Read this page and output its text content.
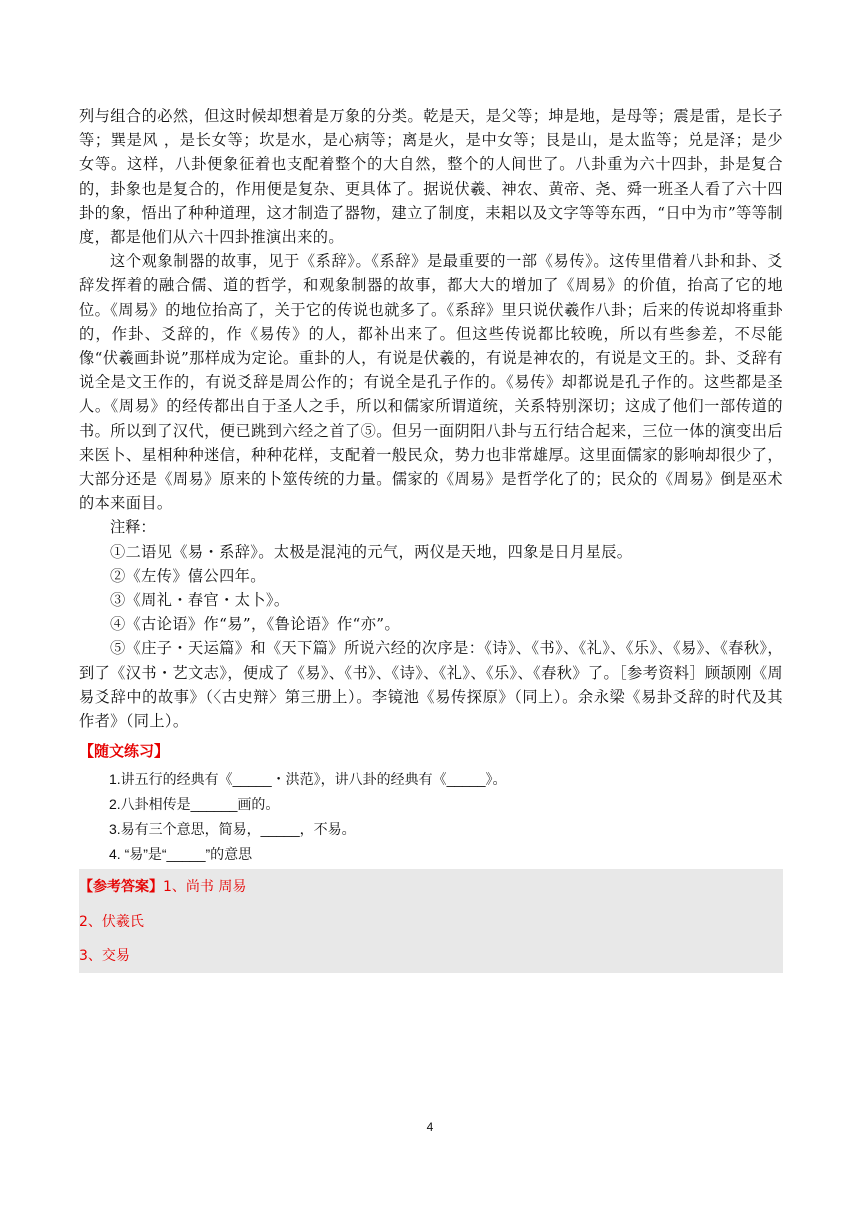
列与组合的必然，但这时候却想着是万象的分类。乾是天，是父等；坤是地，是母等；震是雷，是长子等；巽是风 ，是长女等；坎是水，是心病等；离是火，是中女等；艮是山，是太监等；兑是泽；是少女等。这样，八卦便象征着也支配着整个的大自然，整个的人间世了。八卦重为六十四卦，卦是复合的，卦象也是复合的，作用便是复杂、更具体了。据说伏羲、神农、黄帝、尧、舜一班圣人看了六十四卦的象，悟出了种种道理，这才制造了器物，建立了制度，耒耜以及文字等等东西，“日中为市”等等制度，都是他们从六十四卦推演出来的。

这个观象制器的故事，见于《系辞》。《系辞》是最重要的一部《易传》。这传里借着八卦和卦、爻辞发挥着的融合儒、道的哲学，和观象制器的故事，都大大的增加了《周易》的价值，抬高了它的地位。《周易》的地位抬高了，关于它的传说也就多了。《系辞》里只说伏羲作八卦；后来的传说却将重卦的，作卦、爻辞的，作《易传》的人，都补出来了。但这些传说都比较晚，所以有些参差，不尽能像“伏羲画卦说”那样成为定论。重卦的人，有说是伏羲的，有说是神农的，有说是文王的。卦、爻辞有说全是文王作的，有说爻辞是周公作的；有说全是孔子作的。《易传》却都说是孔子作的。这些都是圣人。《周易》的经传都出自于圣人之手，所以和儒家所谓道统，关系特别深切；这成了他们一部传道的书。所以到了汉代，便已跳到六经之首了⑤。但另一面阴阳八卦与五行结合起来，三位一体的演变出后来医卜、星相种种迷信，种种花样，支配着一般民众，势力也非常雄厚。这里面儒家的影响却很少了，大部分还是《周易》原来的卜筮传统的力量。儒家的《周易》是哲学化了的；民众的《周易》倒是巫术的本来面目。

注释：

①二语见《易・系辞》。太极是混沌的元气，两仪是天地，四象是日月星辰。

②《左传》僖公四年。

③《周礼・春官・太卜》。

④《古论语》作“易”，《鲁论语》作“亦”。

⑤《庄子・天运篇》和《天下篇》所说六经的次序是：《诗》、《书》、《礼》、《乐》、《易》、《春秋》，到了《汉书・艺文志》，便成了《易》、《书》、《诗》、《礼》、《乐》、《春秋》了。［参考资料］顾颉刚《周易爻辞中的故事》（〈古史辩〉第三册上）。李镜池《易传探原》（同上）。余永梁《易卦爻辞的时代及其作者》（同上）。

【随文练习】
1.讲五行的经典有《_____・洪范》，讲八卦的经典有《_____》。
2.八卦相传是______画的。
3.易有三个意思，简易，_____，不易。
4. “易”是“_____”的意思
【参考答案】1、尚书 周易
2、伏羲氏
3、交易
4
